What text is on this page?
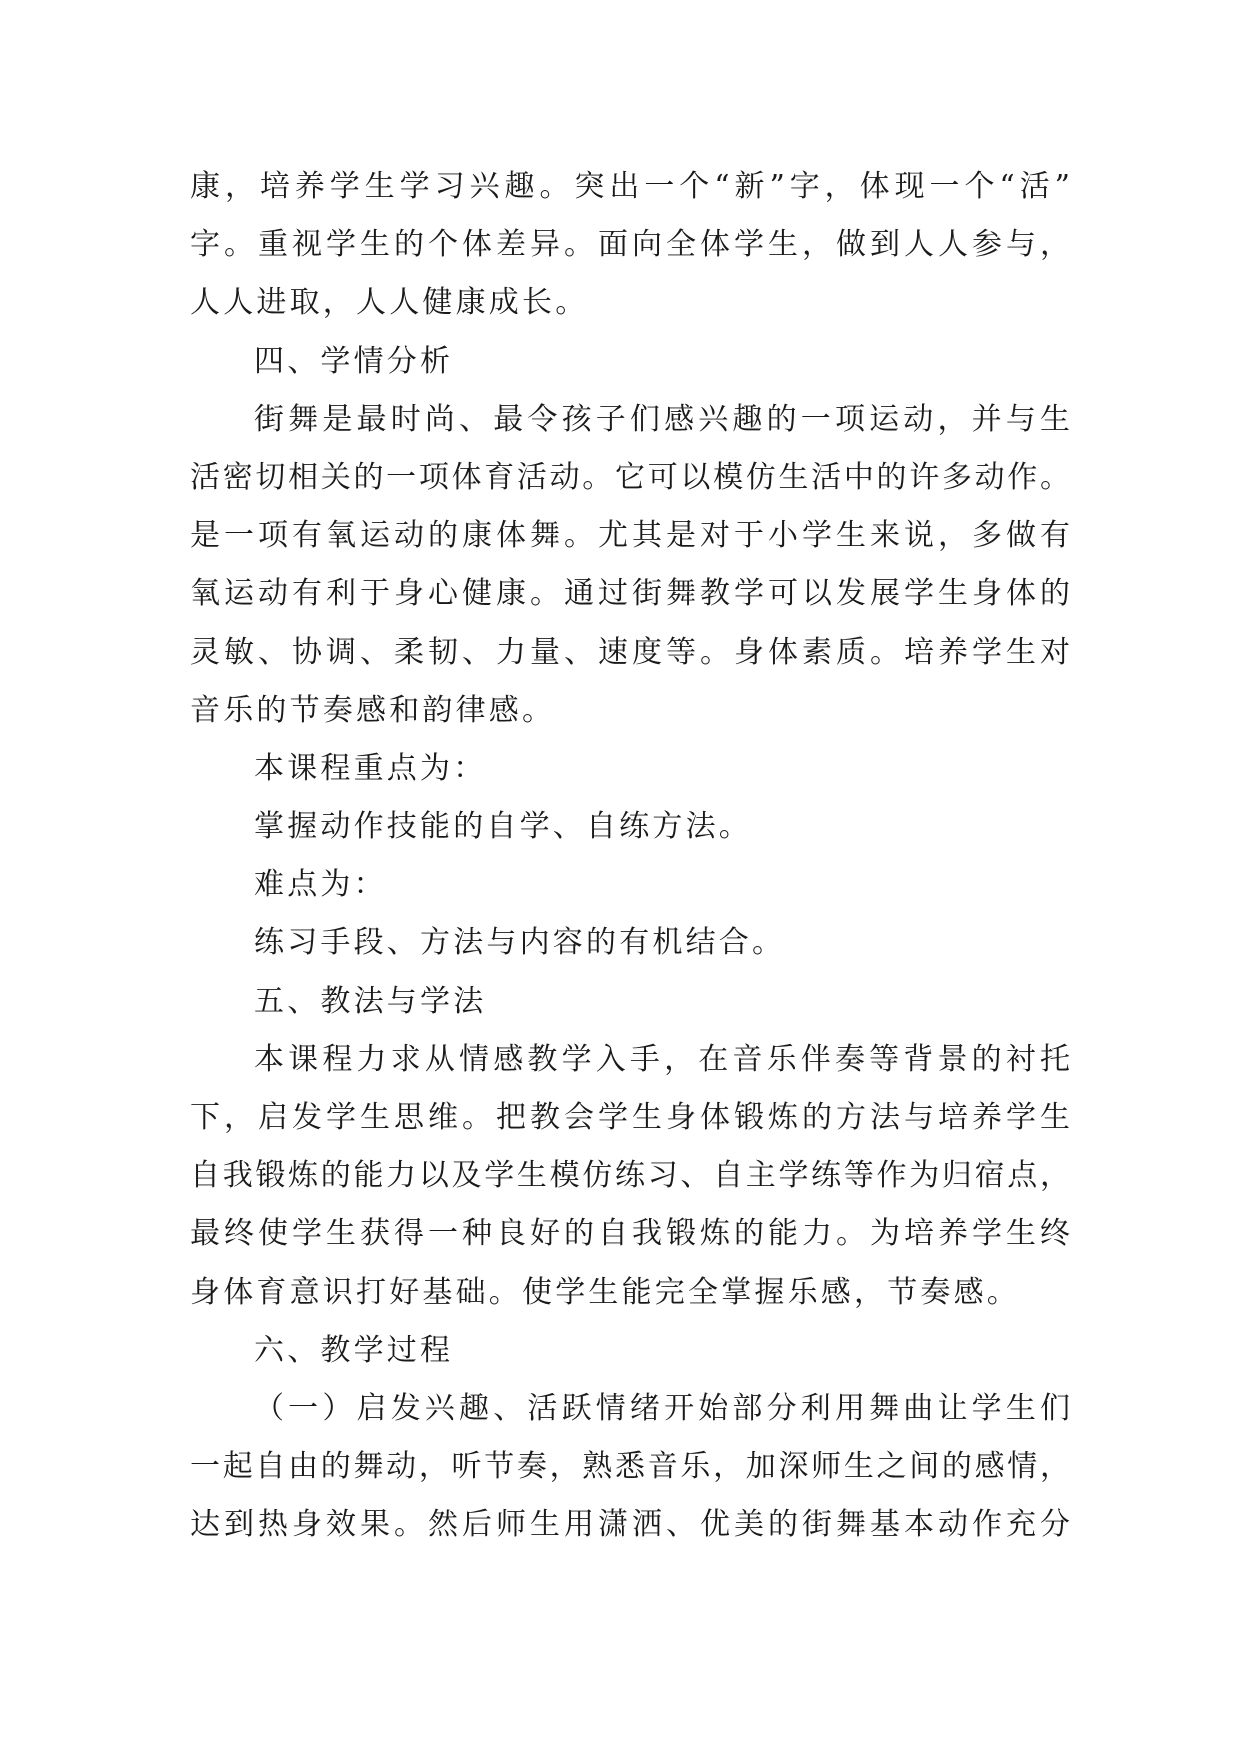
康，培养学生学习兴趣。突出一个“新”字，体现一个“活”
字。重视学生的个体差异。面向全体学生，做到人人参与，
人人进取，人人健康成长。
四、学情分析
街舞是最时尚、最令孩子们感兴趣的一项运动，并与生
活密切相关的一项体育活动。它可以模仿生活中的许多动作。
是一项有氧运动的康体舞。尤其是对于小学生来说，多做有
氧运动有利于身心健康。通过街舞教学可以发展学生身体的
灵敏、协调、柔韧、力量、速度等。身体素质。培养学生对
音乐的节奏感和韵律感。
本课程重点为：
掌握动作技能的自学、自练方法。
难点为：
练习手段、方法与内容的有机结合。
五、教法与学法
本课程力求从情感教学入手，在音乐伴奏等背景的衬托
下，启发学生思维。把教会学生身体锻炼的方法与培养学生
自我锻炼的能力以及学生模仿练习、自主学练等作为归宿点，
最终使学生获得一种良好的自我锻炼的能力。为培养学生终
身体育意识打好基础。使学生能完全掌握乐感，节奏感。
六、教学过程
（一）启发兴趣、活跃情绪开始部分利用舞曲让学生们
一起自由的舞动，听节奏，熟悉音乐，加深师生之间的感情，
达到热身效果。然后师生用潇洒、优美的街舞基本动作充分
